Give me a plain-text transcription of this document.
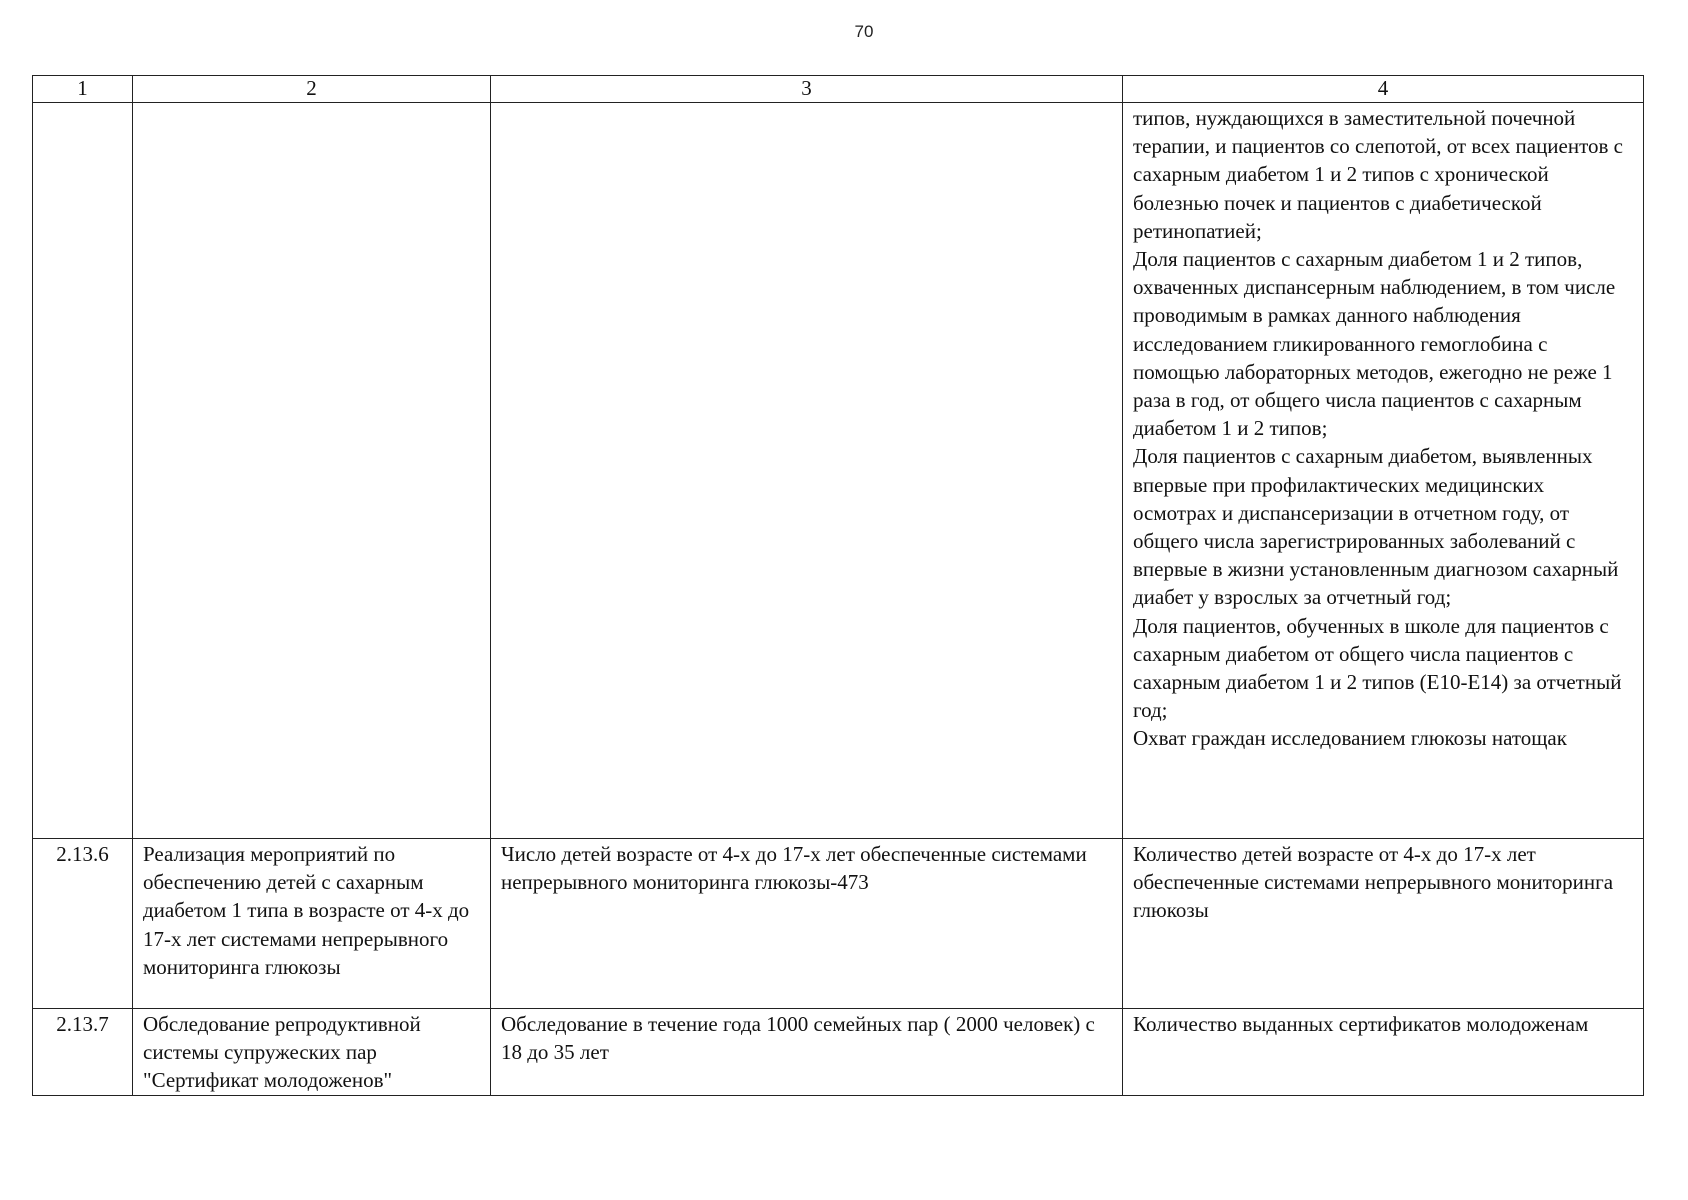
70
1	2	3	4

			типов, нуждающихся в заместительной почечной терапии, и пациентов со слепотой, от всех пациентов с сахарным диабетом 1 и 2 типов с хронической болезнью почек и пациентов с диабетической ретинопатией;
Доля пациентов с сахарным диабетом 1 и 2 типов, охваченных диспансерным наблюдением, в том числе проводимым в рамках данного наблюдения исследованием гликированного гемоглобина с помощью лабораторных методов, ежегодно не реже 1 раза в год, от общего числа пациентов с сахарным диабетом 1 и 2 типов;
Доля пациентов с сахарным диабетом, выявленных впервые при профилактических медицинских осмотрах и диспансеризации в отчетном году, от общего числа зарегистрированных заболеваний с впервые в жизни установленным диагнозом сахарный диабет у взрослых за отчетный год;
Доля пациентов, обученных в школе для пациентов с сахарным диабетом от общего числа пациентов с сахарным диабетом 1 и 2 типов (Е10-Е14) за отчетный год;
Охват граждан исследованием глюкозы натощак

2.13.6	Реализация мероприятий по обеспечению детей с сахарным диабетом 1 типа в возрасте от 4-х до 17-х лет системами непрерывного мониторинга глюкозы	Число детей возрасте от 4-х до 17-х лет обеспеченные системами непрерывного мониторинга глюкозы-473	Количество детей возрасте от 4-х до 17-х лет обеспеченные системами непрерывного мониторинга глюкозы
2.13.7	Обследование репродуктивной системы супружеских пар "Сертификат молодоженов"	Обследование в течение года 1000 семейных пар ( 2000 человек) с 18 до 35 лет	Количество выданных сертификатов молодоженам
